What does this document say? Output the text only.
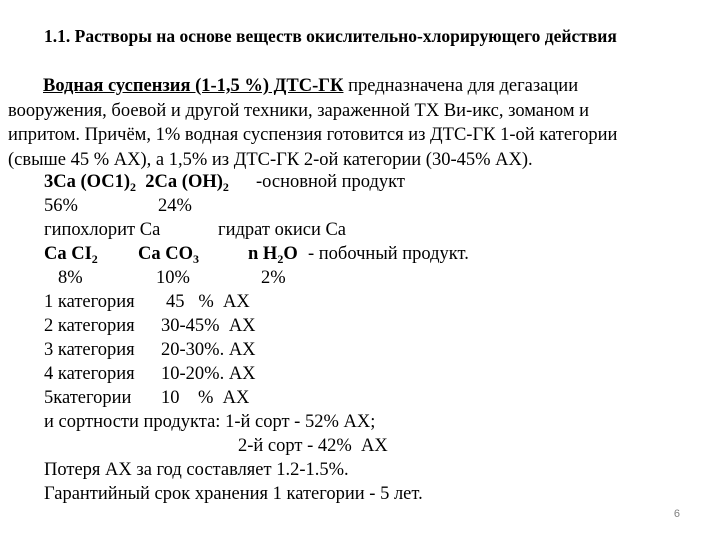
1.1. Растворы на основе веществ окислительно-хлорирующего действия
Водная суспензия (1-1,5 %) ДТС-ГК предназначена для дегазации
вооружения, боевой и другой техники, зараженной ТХ Ви-икс, зоманом и
ипритом. Причём, 1% водная суспензия готовится из ДТС-ГК 1-ой категории
(свыше 45 % АХ), а 1,5% из ДТС-ГК 2-ой категории (30-45% АХ).
3Са $(ОС1)_2$ 2Са $(ОН)_2$ -основной продукт
56%	24%
гипохлорит Са	гидрат окиси Са
Са $СI_2$ Са $СО_3$	n $Н_2О$ - побочный продукт.
8%	10%	2%
1 категория 45   %  АХ
2 категория 30-45%  АХ
3 категория 20-30%. АХ
4 категория 10-20%. АХ
5категории 10    %  АХ
и сортности продукта: 1-й сорт - 52% АХ;
2-й сорт - 42%  АХ
Потеря АХ за год составляет 1.2-1.5%.
Гарантийный срок хранения 1 категории - 5 лет.
6
